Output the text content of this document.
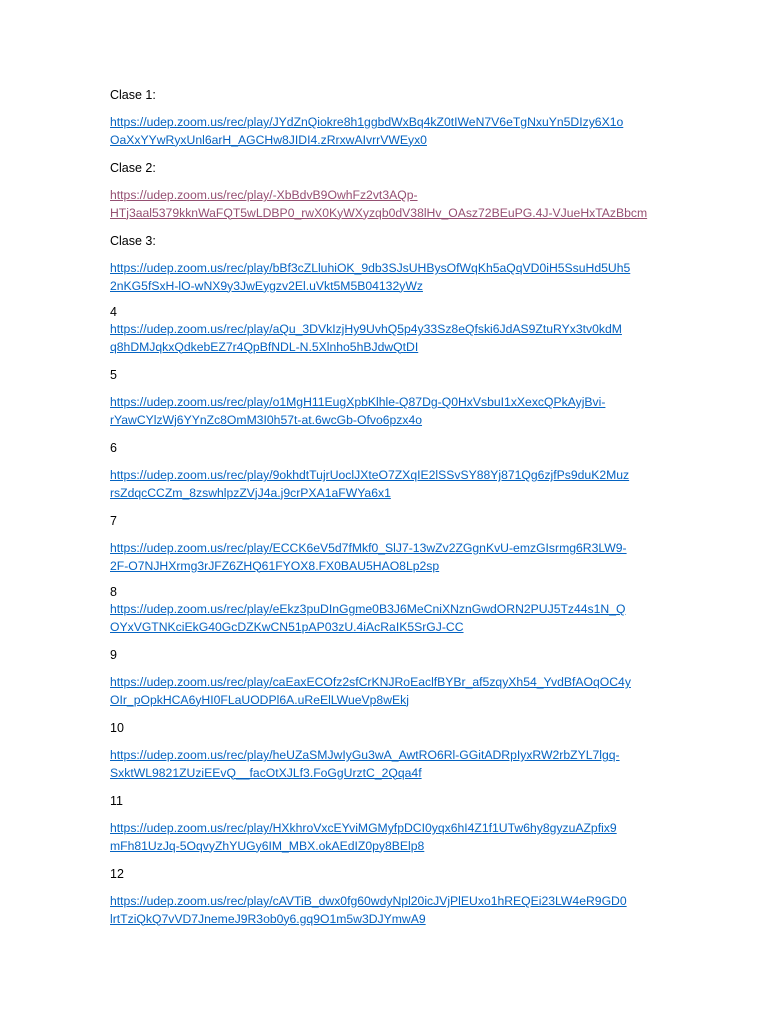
Clase 1:
https://udep.zoom.us/rec/play/JYdZnQiokre8h1ggbdWxBq4kZ0tIWeN7V6eTgNxuYn5DIzy6X1o
OaXxYYwRyxUnl6arH_AGCHw8JIDI4.zRrxwAIvrrVWEyx0
Clase 2:
https://udep.zoom.us/rec/play/-XbBdvB9OwhFz2vt3AQp-
HTj3aal5379kknWaFQT5wLDBP0_rwX0KyWXyzqb0dV38lHv_OAsz72BEuPG.4J-VJueHxTAzBbcm
Clase 3:
https://udep.zoom.us/rec/play/bBf3cZLluhiOK_9db3SJsUHBysOfWqKh5aQqVD0iH5SsuHd5Uh5
2nKG5fSxH-lO-wNX9y3JwEygzv2El.uVkt5M5B04132yWz
4
https://udep.zoom.us/rec/play/aQu_3DVkIzjHy9UvhQ5p4y33Sz8eQfski6JdAS9ZtuRYx3tv0kdM
q8hDMJqkxQdkebEZ7r4QpBfNDL-N.5Xlnho5hBJdwQtDI
5
https://udep.zoom.us/rec/play/o1MgH11EugXpbKlhle-Q87Dg-Q0HxVsbuI1xXexcQPkAyjBvi-
rYawCYlzWj6YYnZc8OmM3I0h57t-at.6wcGb-Ofvo6pzx4o
6
https://udep.zoom.us/rec/play/9okhdtTujrUoclJXteO7ZXqIE2lSSvSY88Yj871Qg6zjfPs9duK2Muz
rsZdqcCCZm_8zswhlpzZVjJ4a.j9crPXA1aFWYa6x1
7
https://udep.zoom.us/rec/play/ECCK6eV5d7fMkf0_SlJ7-13wZv2ZGgnKvU-emzGIsrmg6R3LW9-
2F-O7NJHXrmg3rJFZ6ZHQ61FYOX8.FX0BAU5HAO8Lp2sp
8
https://udep.zoom.us/rec/play/eEkz3puDInGgme0B3J6MeCniXNznGwdORN2PUJ5Tz44s1N_Q
OYxVGTNKciEkG40GcDZKwCN51pAP03zU.4iAcRaIK5SrGJ-CC
9
https://udep.zoom.us/rec/play/caEaxECOfz2sfCrKNJRoEaclfBYBr_af5zqyXh54_YvdBfAOqOC4y
OIr_pOpkHCA6yHI0FLaUODPl6A.uReElLWueVp8wEkj
10
https://udep.zoom.us/rec/play/heUZaSMJwIyGu3wA_AwtRO6Rl-GGitADRpIyxRW2rbZYL7lgq-
SxktWL9821ZUziEEvQ__facOtXJLf3.FoGgUrztC_2Qqa4f
11
https://udep.zoom.us/rec/play/HXkhroVxcEYviMGMyfpDCI0yqx6hI4Z1f1UTw6hy8gyzuAZpfix9
mFh81UzJq-5OqvyZhYUGy6IM_MBX.okAEdIZ0py8BElp8
12
https://udep.zoom.us/rec/play/cAVTiB_dwx0fg60wdyNpl20icJVjPlEUxo1hREQEi23LW4eR9GD0
lrtTziQkQ7vVD7JnemeJ9R3ob0y6.gq9O1m5w3DJYmwA9
